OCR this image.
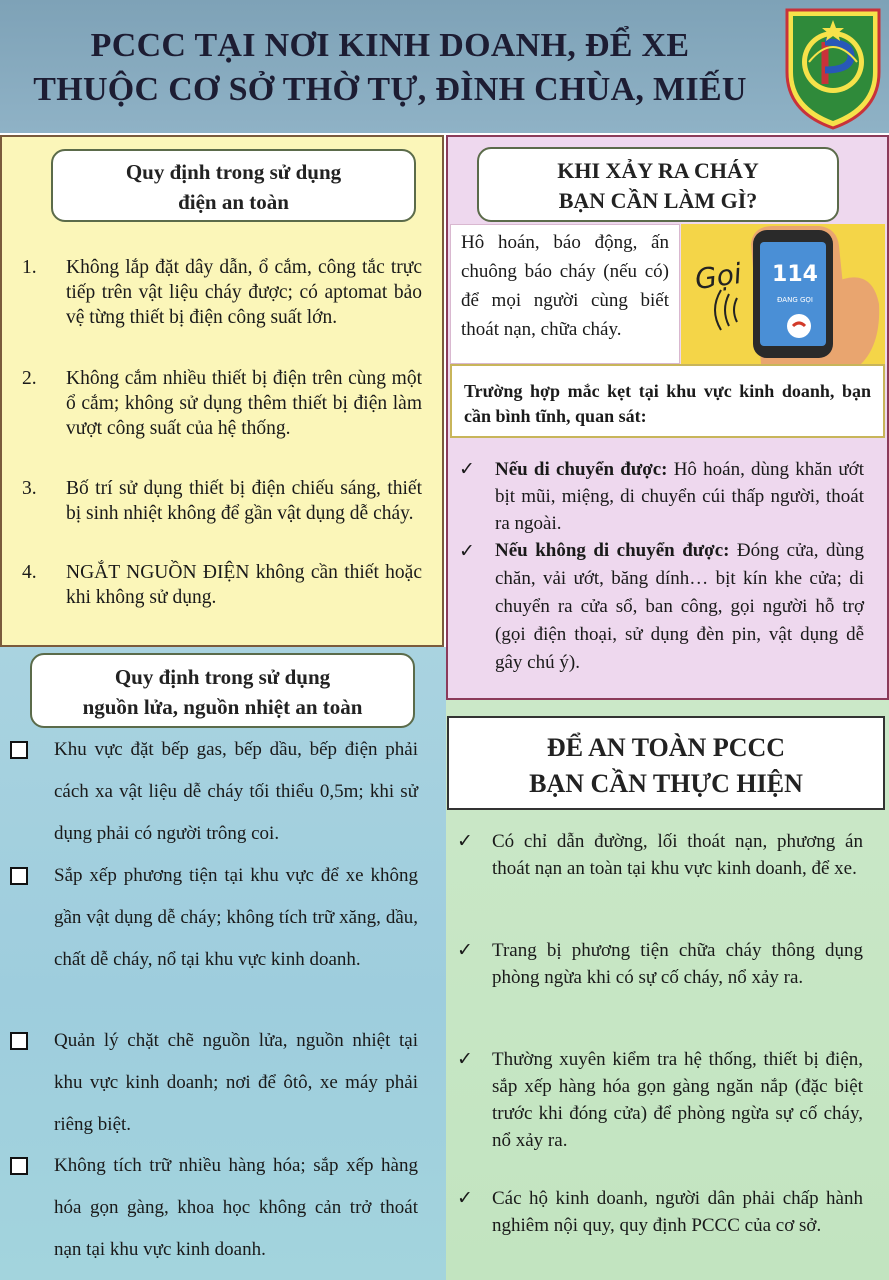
PCCC TẠI NƠI KINH DOANH, ĐỂ XE
THUỘC CƠ SỞ THỜ TỰ, ĐÌNH CHÙA, MIẾU
Quy định trong sử dụng
điện an toàn
1. Không lắp đặt dây dẫn, ổ cắm, công tắc trực tiếp trên vật liệu cháy được; có aptomat bảo vệ từng thiết bị điện công suất lớn.
2. Không cắm nhiều thiết bị điện trên cùng một ổ cắm; không sử dụng thêm thiết bị điện làm vượt công suất của hệ thống.
3. Bố trí sử dụng thiết bị điện chiếu sáng, thiết bị sinh nhiệt không để gần vật dụng dễ cháy.
4. NGẮT NGUỒN ĐIỆN không cần thiết hoặc khi không sử dụng.
KHI XẢY RA CHÁY
BẠN CẦN LÀM GÌ?
Hô hoán, báo động, ấn chuông báo cháy (nếu có) để mọi người cùng biết thoát nạn, chữa cháy.
Gọi 114
ĐANG GỌI
Trường hợp mắc kẹt tại khu vực kinh doanh, bạn cần bình tĩnh, quan sát:
✓ Nếu di chuyển được: Hô hoán, dùng khăn ướt bịt mũi, miệng, di chuyển cúi thấp người, thoát ra ngoài.
✓ Nếu không di chuyển được: Đóng cửa, dùng chăn, vải ướt, băng dính… bịt kín khe cửa; di chuyển ra cửa sổ, ban công, gọi người hỗ trợ (gọi điện thoại, sử dụng đèn pin, vật dụng dễ gây chú ý).
Quy định trong sử dụng
nguồn lửa, nguồn nhiệt an toàn
Khu vực đặt bếp gas, bếp dầu, bếp điện phải cách xa vật liệu dễ cháy tối thiểu 0,5m; khi sử dụng phải có người trông coi.
Sắp xếp phương tiện tại khu vực để xe không gần vật dụng dễ cháy; không tích trữ xăng, dầu, chất dễ cháy, nổ tại khu vực kinh doanh.
Quản lý chặt chẽ nguồn lửa, nguồn nhiệt tại khu vực kinh doanh; nơi để ôtô, xe máy phải riêng biệt.
Không tích trữ nhiều hàng hóa; sắp xếp hàng hóa gọn gàng, khoa học không cản trở thoát nạn tại khu vực kinh doanh.
ĐỂ AN TOÀN PCCC
BẠN CẦN THỰC HIỆN
✓ Có chỉ dẫn đường, lối thoát nạn, phương án thoát nạn an toàn tại khu vực kinh doanh, để xe.
✓ Trang bị phương tiện chữa cháy thông dụng phòng ngừa khi có sự cố cháy, nổ xảy ra.
✓ Thường xuyên kiểm tra hệ thống, thiết bị điện, sắp xếp hàng hóa gọn gàng ngăn nắp (đặc biệt trước khi đóng cửa) để phòng ngừa sự cố cháy, nổ xảy ra.
✓ Các hộ kinh doanh, người dân phải chấp hành nghiêm nội quy, quy định PCCC của cơ sở.
